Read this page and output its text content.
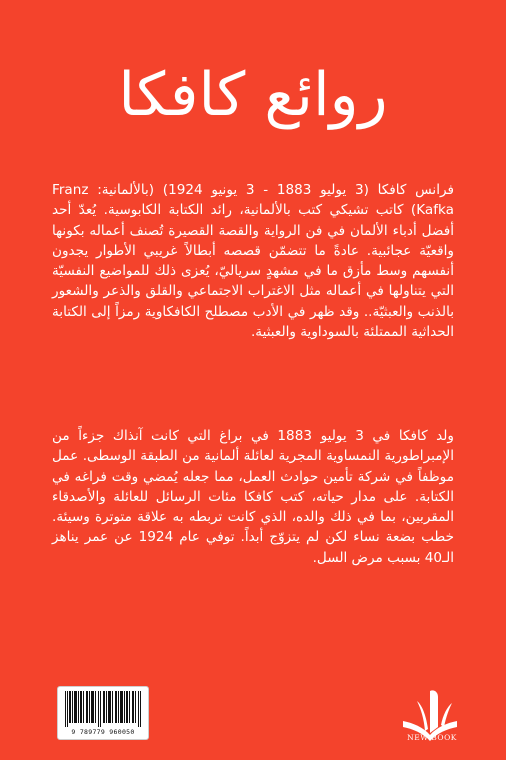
روائع كافكا
فرانس كافكا (3 يوليو 1883 - 3 يونيو 1924) (بالألمانية: Franz Kafka) كاتب تشيكي كتب بالألمانية، رائد الكتابة الكابوسية. يُعدّ أحد أفضل أدباء الألمان في فن الرواية والقصة القصيرة تُصنف أعماله بكونها واقعيّة عجائبية. عادةً ما تتضمّن قصصه أبطالاً غريبي الأطوار يجدون أنفسهم وسط مأزق ما في مشهدٍ سرياليّ، يُعزى ذلك للمواضيع النفسيّة التي يتناولها في أعماله مثل الاغتراب الاجتماعي والقلق والذعر والشعور بالذنب والعبثيّة.. وقد ظهر في الأدب مصطلح الكافكاوية رمزاً إلى الكتابة الحداثية الممتلئة بالسوداوية والعبثية.
ولد كافكا في 3 يوليو 1883 في براغ التي كانت آنذاك جزءاً من الإمبراطورية النمساوية المجرية لعائلة ألمانية من الطبقة الوسطى. عمل موظفاً في شركة تأمين حوادث العمل، مما جعله يُمضي وقت فراغه في الكتابة. على مدار حياته، كتب كافكا مئات الرسائل للعائلة والأصدقاء المقربين، بما في ذلك والده، الذي كانت تربطه به علاقة متوترة وسيئة. خطب بضعة نساء لكن لم يتزوّج أبداً. توفي عام 1924 عن عمر يناهز الـ40 بسبب مرض السل.
9 789779 960050
NEW BOOK
